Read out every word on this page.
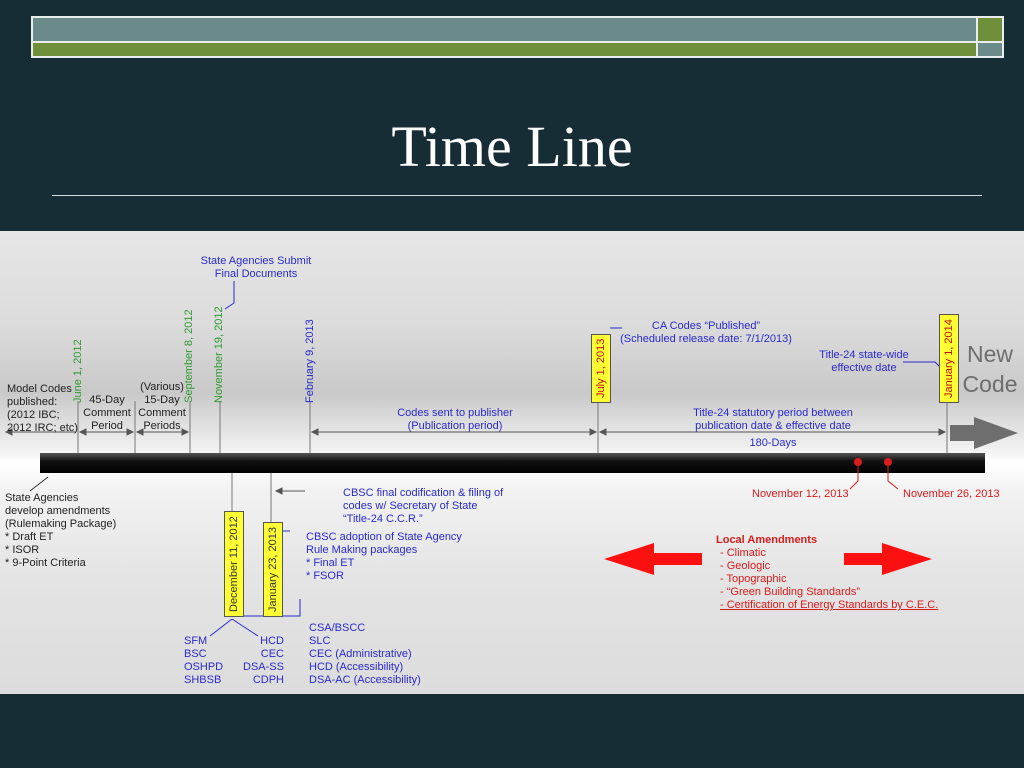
Time Line
State Agencies Submit
Final Documents
CA Codes “Published”
(Scheduled release date: 7/1/2013)
Title-24 state-wide
effective date
New
Code
June 1, 2012	September 8, 2012 November 19, 2012	February 9, 2013	July 1, 2013	January 1, 2014
Model Codes
published:
(2012 IBC;
2012 IRC; etc)
45-Day
Comment
Period
(Various)
15-Day
Comment
Periods
Codes sent to publisher
(Publication period)
Title-24 statutory period between
publication date & effective date
180-Days
State Agencies
develop amendments
(Rulemaking Package)
* Draft ET
* ISOR
* 9-Point Criteria
CBSC final codification & filing of
codes w/ Secretary of State
“Title-24 C.C.R.”
CBSC adoption of State Agency
Rule Making packages
* Final ET
* FSOR
December 11, 2012	January 23, 2013
SFM
BSC
OSHPD
SHBSB
HCD
CEC
DSA-SS
CDPH
CSA/BSCC
SLC
CEC (Administrative)
HCD (Accessibility)
DSA-AC (Accessibility)
November 12, 2013	November 26, 2013
Local Amendments
- Climatic
- Geologic
- Topographic
- “Green Building Standards”
- Certification of Energy Standards by C.E.C.
